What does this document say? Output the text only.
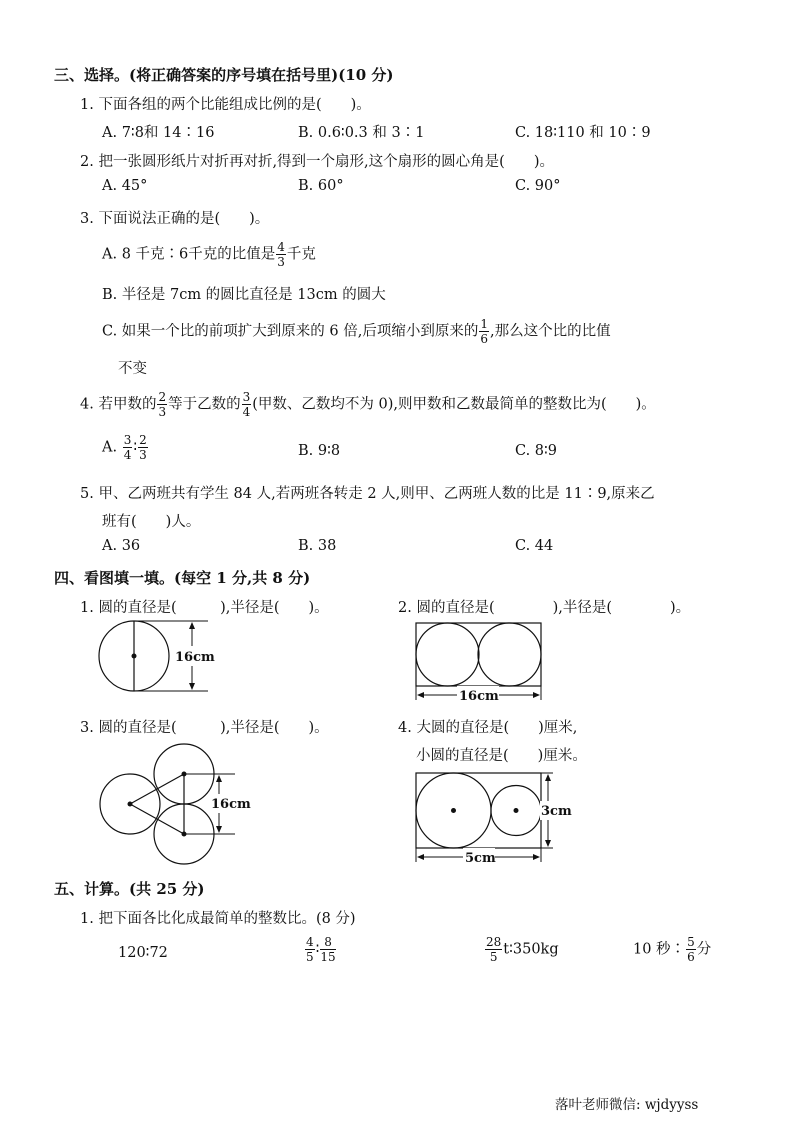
三、选择。(将正确答案的序号填在括号里)(10 分)
1. 下面各组的两个比能组成比例的是(　　)。
A. 7∶8和 14∶16	B. 0.6∶0.3 和 3∶1	C. 18∶110 和 10∶9
2. 把一张圆形纸片对折再对折,得到一个扇形,这个扇形的圆心角是(　　)。
A. 45°	B. 60°	C. 90°
3. 下面说法正确的是(　　)。
A. 8 千克∶6千克的比值是 $\frac{4}{3}$ 千克
B. 半径是 7cm 的圆比直径是 13cm 的圆大
C. 如果一个比的前项扩大到原来的 6 倍,后项缩小到原来的 $\frac{1}{6}$ ,那么这个比的比值
不变
4. 若甲数的 $\frac{2}{3}$ 等于乙数的 $\frac{3}{4}$ (甲数、乙数均不为 0),则甲数和乙数最简单的整数比为(　　)。
A. $\frac{3}{4}$ ∶ $\frac{2}{3}$	B. 9∶8	C. 8∶9
5. 甲、乙两班共有学生 84 人,若两班各转走 2 人,则甲、乙两班人数的比是 11∶9,原来乙
班有(　　)人。
A. 36	B. 38	C. 44
四、看图填一填。(每空 1 分,共 8 分)
1. 圆的直径是(　　　),半径是(　　)。	2. 圆的直径是(　　　　),半径是(　　　　)。
16cm
16cm
3. 圆的直径是(　　　),半径是(　　)。	4. 大圆的直径是(　　)厘米,
小圆的直径是(　　)厘米。
16cm	3cm
5cm
五、计算。(共 25 分)
1. 把下面各比化成最简单的整数比。(8 分)
120∶72	$\frac{4}{5}$ ∶ $\frac{8}{15}$	$\frac{28}{5}$ t∶350kg	10 秒∶ $\frac{5}{6}$ 分
落叶老师微信: wjdyyss
